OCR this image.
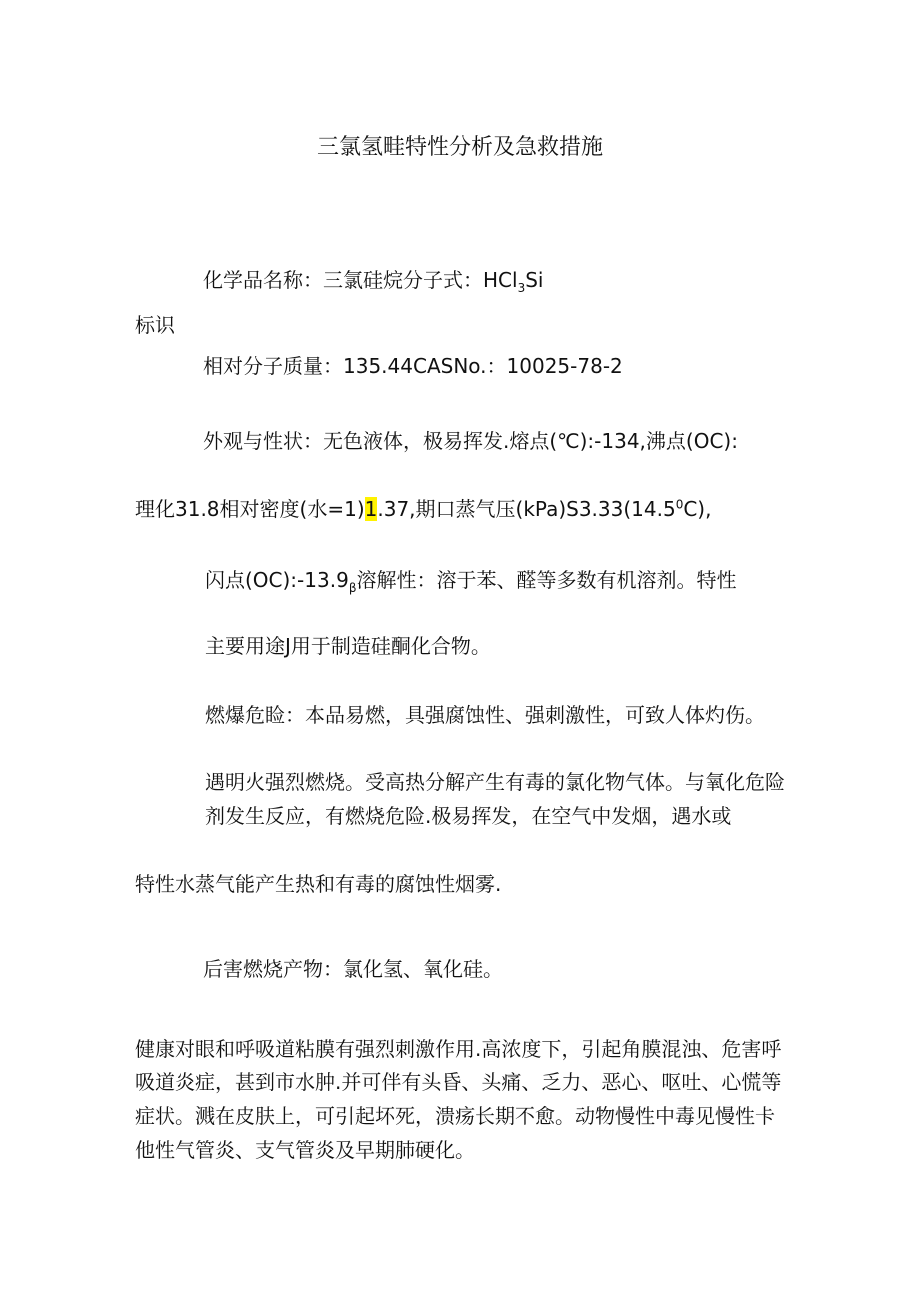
三氯氢畦特性分析及急救措施
化学品名称：三氯硅烷分子式：HCl$_3$Si
标识
相对分子质量：135.44CASNo.：10025-78-2
外观与性状：无色液体，极易挥发.熔点(℃):-134,沸点(OC):
理化31.8相对密度(水=1)1.37,期口蒸气压(kPa)S3.33(14.5$^0$C),
闪点$(OC):-13.9_\beta$溶解性：溶于苯、醛等多数有机溶剂。特性
主要用途J用于制造硅酮化合物。
燃爆危睑：本品易燃，具强腐蚀性、强刺激性，可致人体灼伤。
遇明火强烈燃烧。受高热分解产生有毒的氯化物气体。与氧化危险
剂发生反应，有燃烧危险.极易挥发，在空气中发烟，遇水或
特性水蒸气能产生热和有毒的腐蚀性烟雾.
后害燃烧产物：氯化氢、氧化硅。
健康对眼和呼吸道粘膜有强烈刺激作用.高浓度下，引起角膜混浊、危害呼
吸道炎症，甚到市水肿.并可伴有头昏、头痛、乏力、恶心、呕吐、心慌等
症状。溅在皮肤上，可引起坏死，溃疡长期不愈。动物慢性中毒见慢性卡
他性气管炎、支气管炎及早期肺硬化。
